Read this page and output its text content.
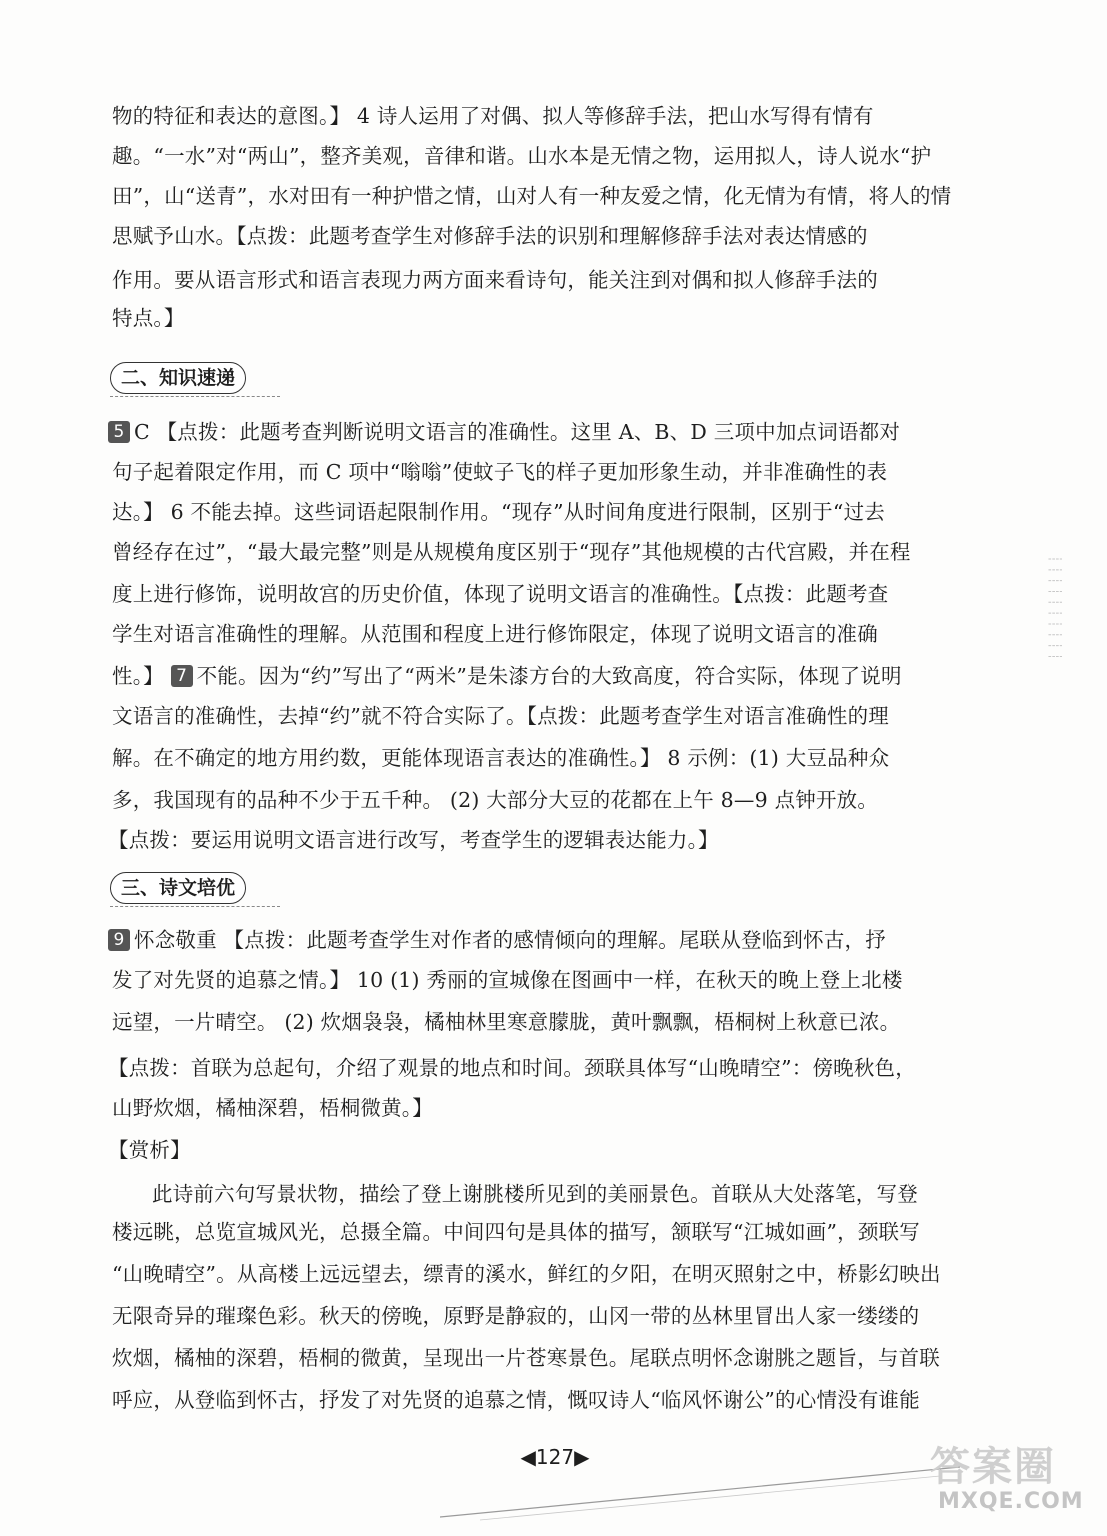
物的特征和表达的意图。】 4 诗人运用了对偶、拟人等修辞手法，把山水写得有情有
趣。“一水”对“两山”，整齐美观，音律和谐。山水本是无情之物，运用拟人，诗人说水“护
田”，山“送青”，水对田有一种护惜之情，山对人有一种友爱之情，化无情为有情，将人的情
思赋予山水。【点拨：此题考查学生对修辞手法的识别和理解修辞手法对表达情感的
作用。要从语言形式和语言表现力两方面来看诗句，能关注到对偶和拟人修辞手法的
特点。】
二、知识速递
5 C 【点拨：此题考查判断说明文语言的准确性。这里 A、B、D 三项中加点词语都对
句子起着限定作用，而 C 项中“嗡嗡”使蚊子飞的样子更加形象生动，并非准确性的表
达。】 6 不能去掉。这些词语起限制作用。“现存”从时间角度进行限制，区别于“过去
曾经存在过”，“最大最完整”则是从规模角度区别于“现存”其他规模的古代宫殿，并在程
度上进行修饰，说明故宫的历史价值，体现了说明文语言的准确性。【点拨：此题考查
学生对语言准确性的理解。从范围和程度上进行修饰限定，体现了说明文语言的准确
性。】 7 不能。因为“约”写出了“两米”是朱漆方台的大致高度，符合实际，体现了说明
文语言的准确性，去掉“约”就不符合实际了。【点拨：此题考查学生对语言准确性的理
解。在不确定的地方用约数，更能体现语言表达的准确性。】 8 示例：(1) 大豆品种众
多，我国现有的品种不少于五千种。 (2) 大部分大豆的花都在上午 8—9 点钟开放。
【点拨：要运用说明文语言进行改写，考查学生的逻辑表达能力。】
三、诗文培优
9 怀念敬重 【点拨：此题考查学生对作者的感情倾向的理解。尾联从登临到怀古，抒
发了对先贤的追慕之情。】 10 (1) 秀丽的宣城像在图画中一样，在秋天的晚上登上北楼
远望，一片晴空。 (2) 炊烟袅袅，橘柚林里寒意朦胧，黄叶飘飘，梧桐树上秋意已浓。
【点拨：首联为总起句，介绍了观景的地点和时间。颈联具体写“山晚晴空”：傍晚秋色，
山野炊烟，橘柚深碧，梧桐微黄。】
【赏析】
此诗前六句写景状物，描绘了登上谢朓楼所见到的美丽景色。首联从大处落笔，写登
楼远眺，总览宣城风光，总摄全篇。中间四句是具体的描写，颔联写“江城如画”，颈联写
“山晚晴空”。从高楼上远远望去，缥青的溪水，鲜红的夕阳，在明灭照射之中，桥影幻映出
无限奇异的璀璨色彩。秋天的傍晚，原野是静寂的，山冈一带的丛林里冒出人家一缕缕的
炊烟，橘柚的深碧，梧桐的微黄，呈现出一片苍寒景色。尾联点明怀念谢朓之题旨，与首联
呼应，从登临到怀古，抒发了对先贤的追慕之情，慨叹诗人“临风怀谢公”的心情没有谁能
◀127▶
┊┊┊┊┊┊┊┊┊┊
答案圈
MXQE.COM
